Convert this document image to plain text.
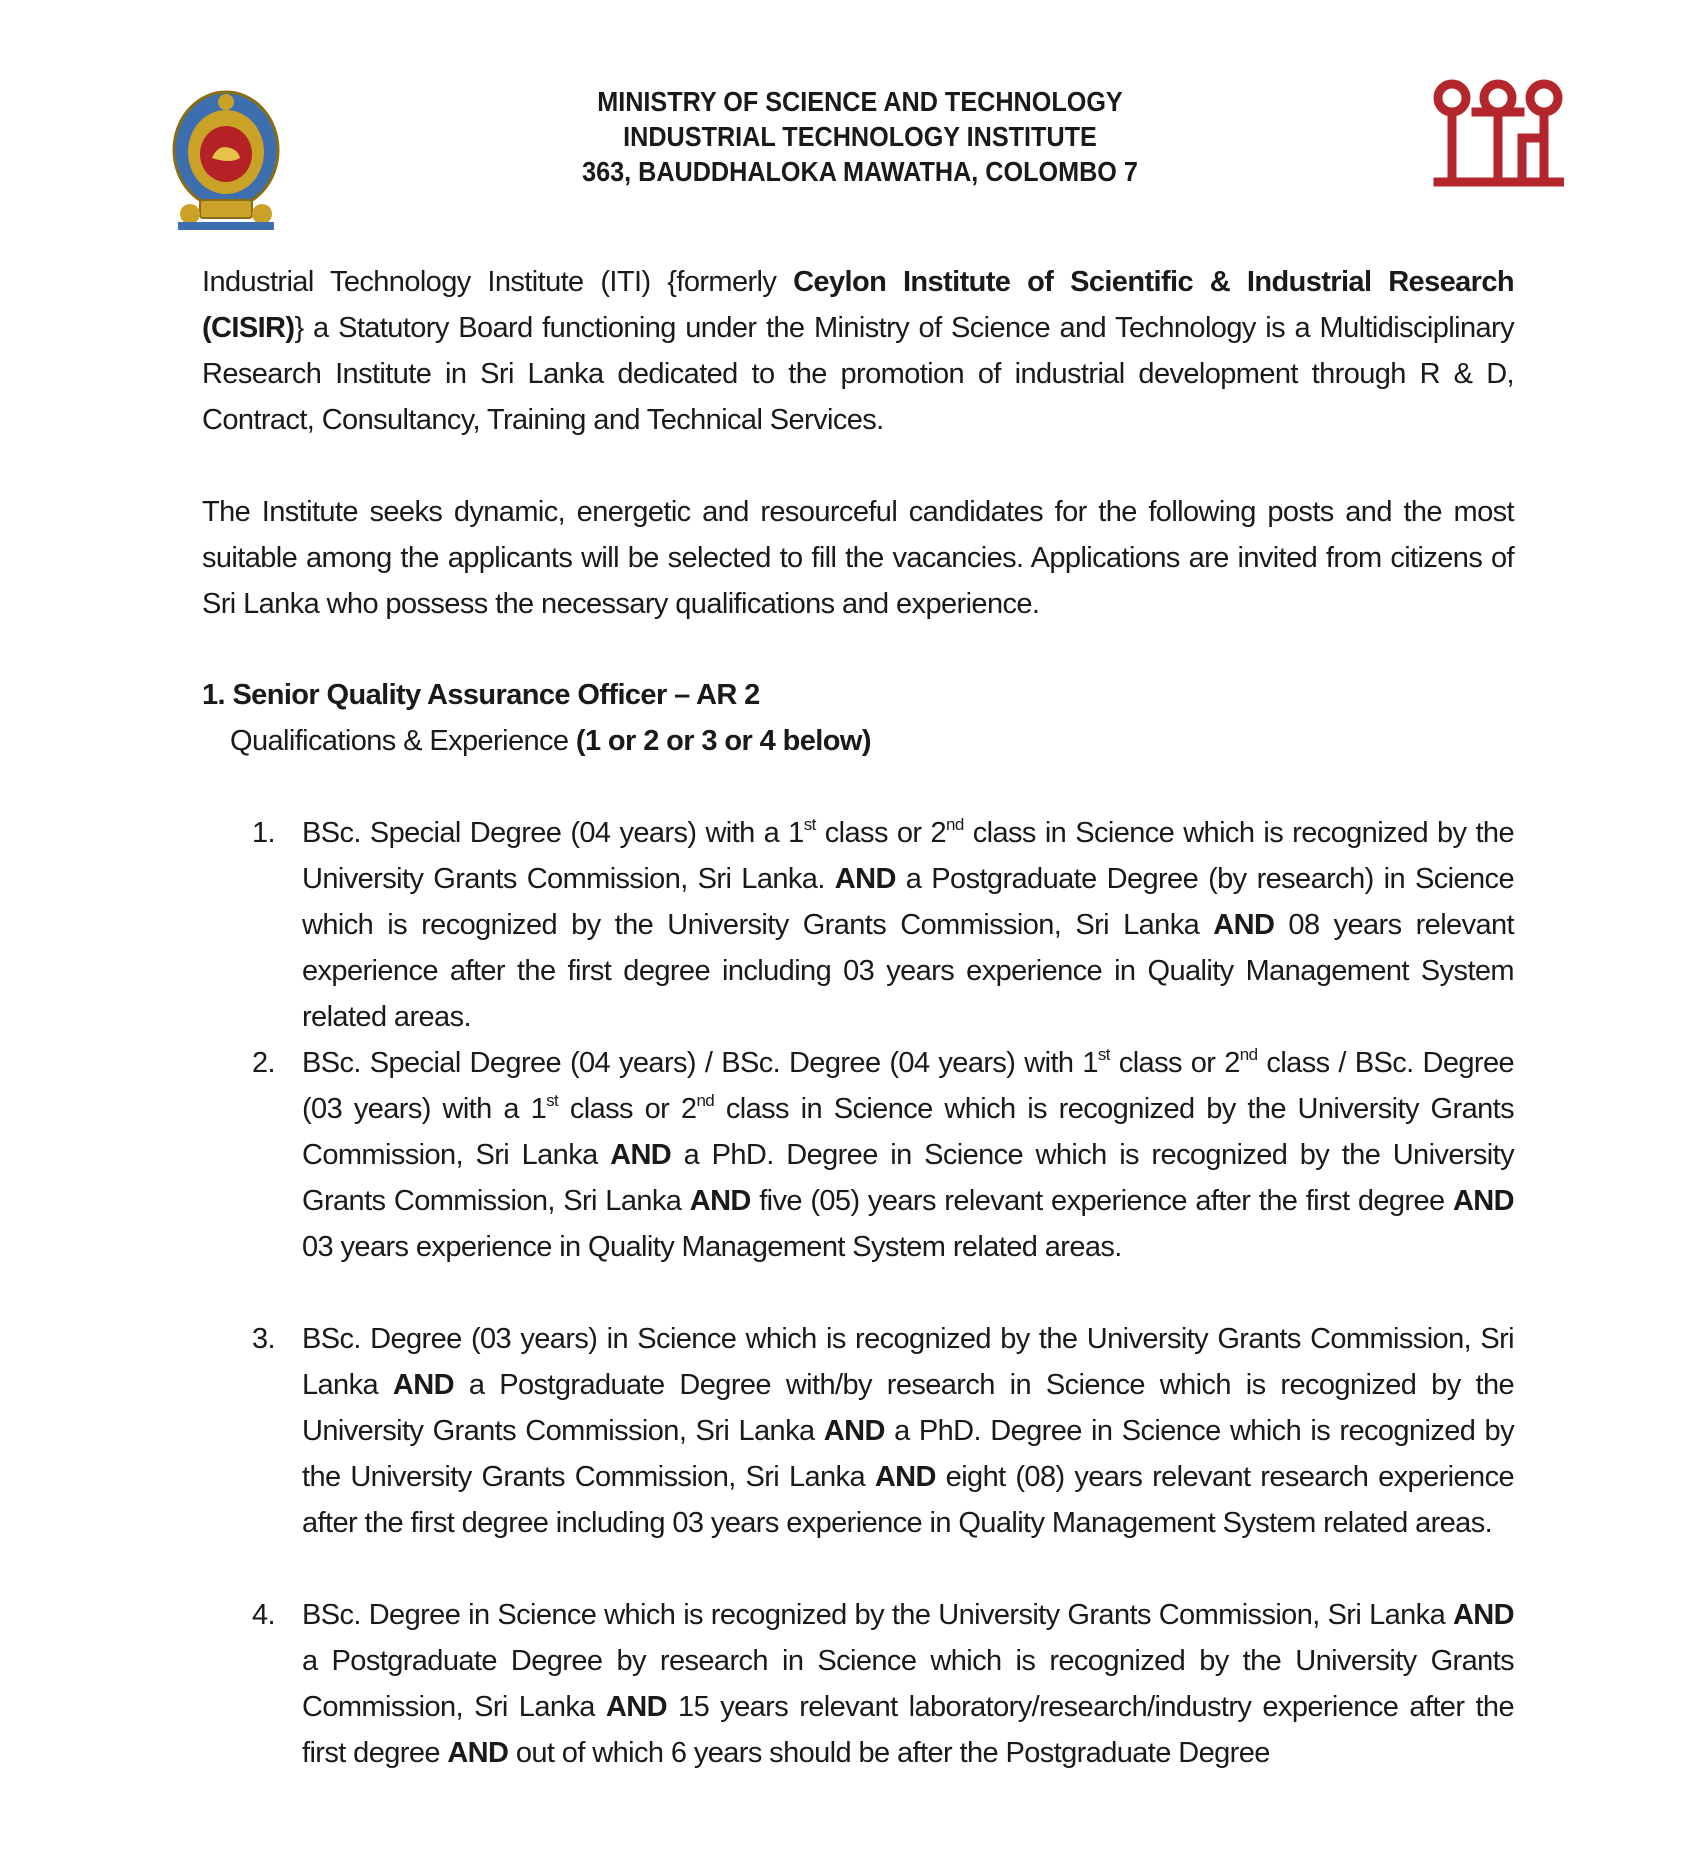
MINISTRY OF SCIENCE AND TECHNOLOGY
INDUSTRIAL TECHNOLOGY INSTITUTE
363, BAUDDHALOKA MAWATHA, COLOMBO 7
Industrial Technology Institute (ITI) {formerly Ceylon Institute of Scientific & Industrial Research (CISIR)} a Statutory Board functioning under the Ministry of Science and Technology is a Multidisciplinary Research Institute in Sri Lanka dedicated to the promotion of industrial development through R & D, Contract, Consultancy, Training and Technical Services.
The Institute seeks dynamic, energetic and resourceful candidates for the following posts and the most suitable among the applicants will be selected to fill the vacancies. Applications are invited from citizens of Sri Lanka who possess the necessary qualifications and experience.
1. Senior Quality Assurance Officer – AR 2
Qualifications & Experience (1 or 2 or 3 or 4 below)
1. BSc. Special Degree (04 years) with a 1st class or 2nd class in Science which is recognized by the University Grants Commission, Sri Lanka. AND a Postgraduate Degree (by research) in Science which is recognized by the University Grants Commission, Sri Lanka AND 08 years relevant experience after the first degree including 03 years experience in Quality Management System related areas.
2. BSc. Special Degree (04 years) / BSc. Degree (04 years) with 1st class or 2nd class / BSc. Degree (03 years) with a 1st class or 2nd class in Science which is recognized by the University Grants Commission, Sri Lanka AND a PhD. Degree in Science which is recognized by the University Grants Commission, Sri Lanka AND five (05) years relevant experience after the first degree AND 03 years experience in Quality Management System related areas.
3. BSc. Degree (03 years) in Science which is recognized by the University Grants Commission, Sri Lanka AND a Postgraduate Degree with/by research in Science which is recognized by the University Grants Commission, Sri Lanka AND a PhD. Degree in Science which is recognized by the University Grants Commission, Sri Lanka AND eight (08) years relevant research experience after the first degree including 03 years experience in Quality Management System related areas.
4. BSc. Degree in Science which is recognized by the University Grants Commission, Sri Lanka AND a Postgraduate Degree by research in Science which is recognized by the University Grants Commission, Sri Lanka AND 15 years relevant laboratory/research/industry experience after the first degree AND out of which 6 years should be after the Postgraduate Degree
